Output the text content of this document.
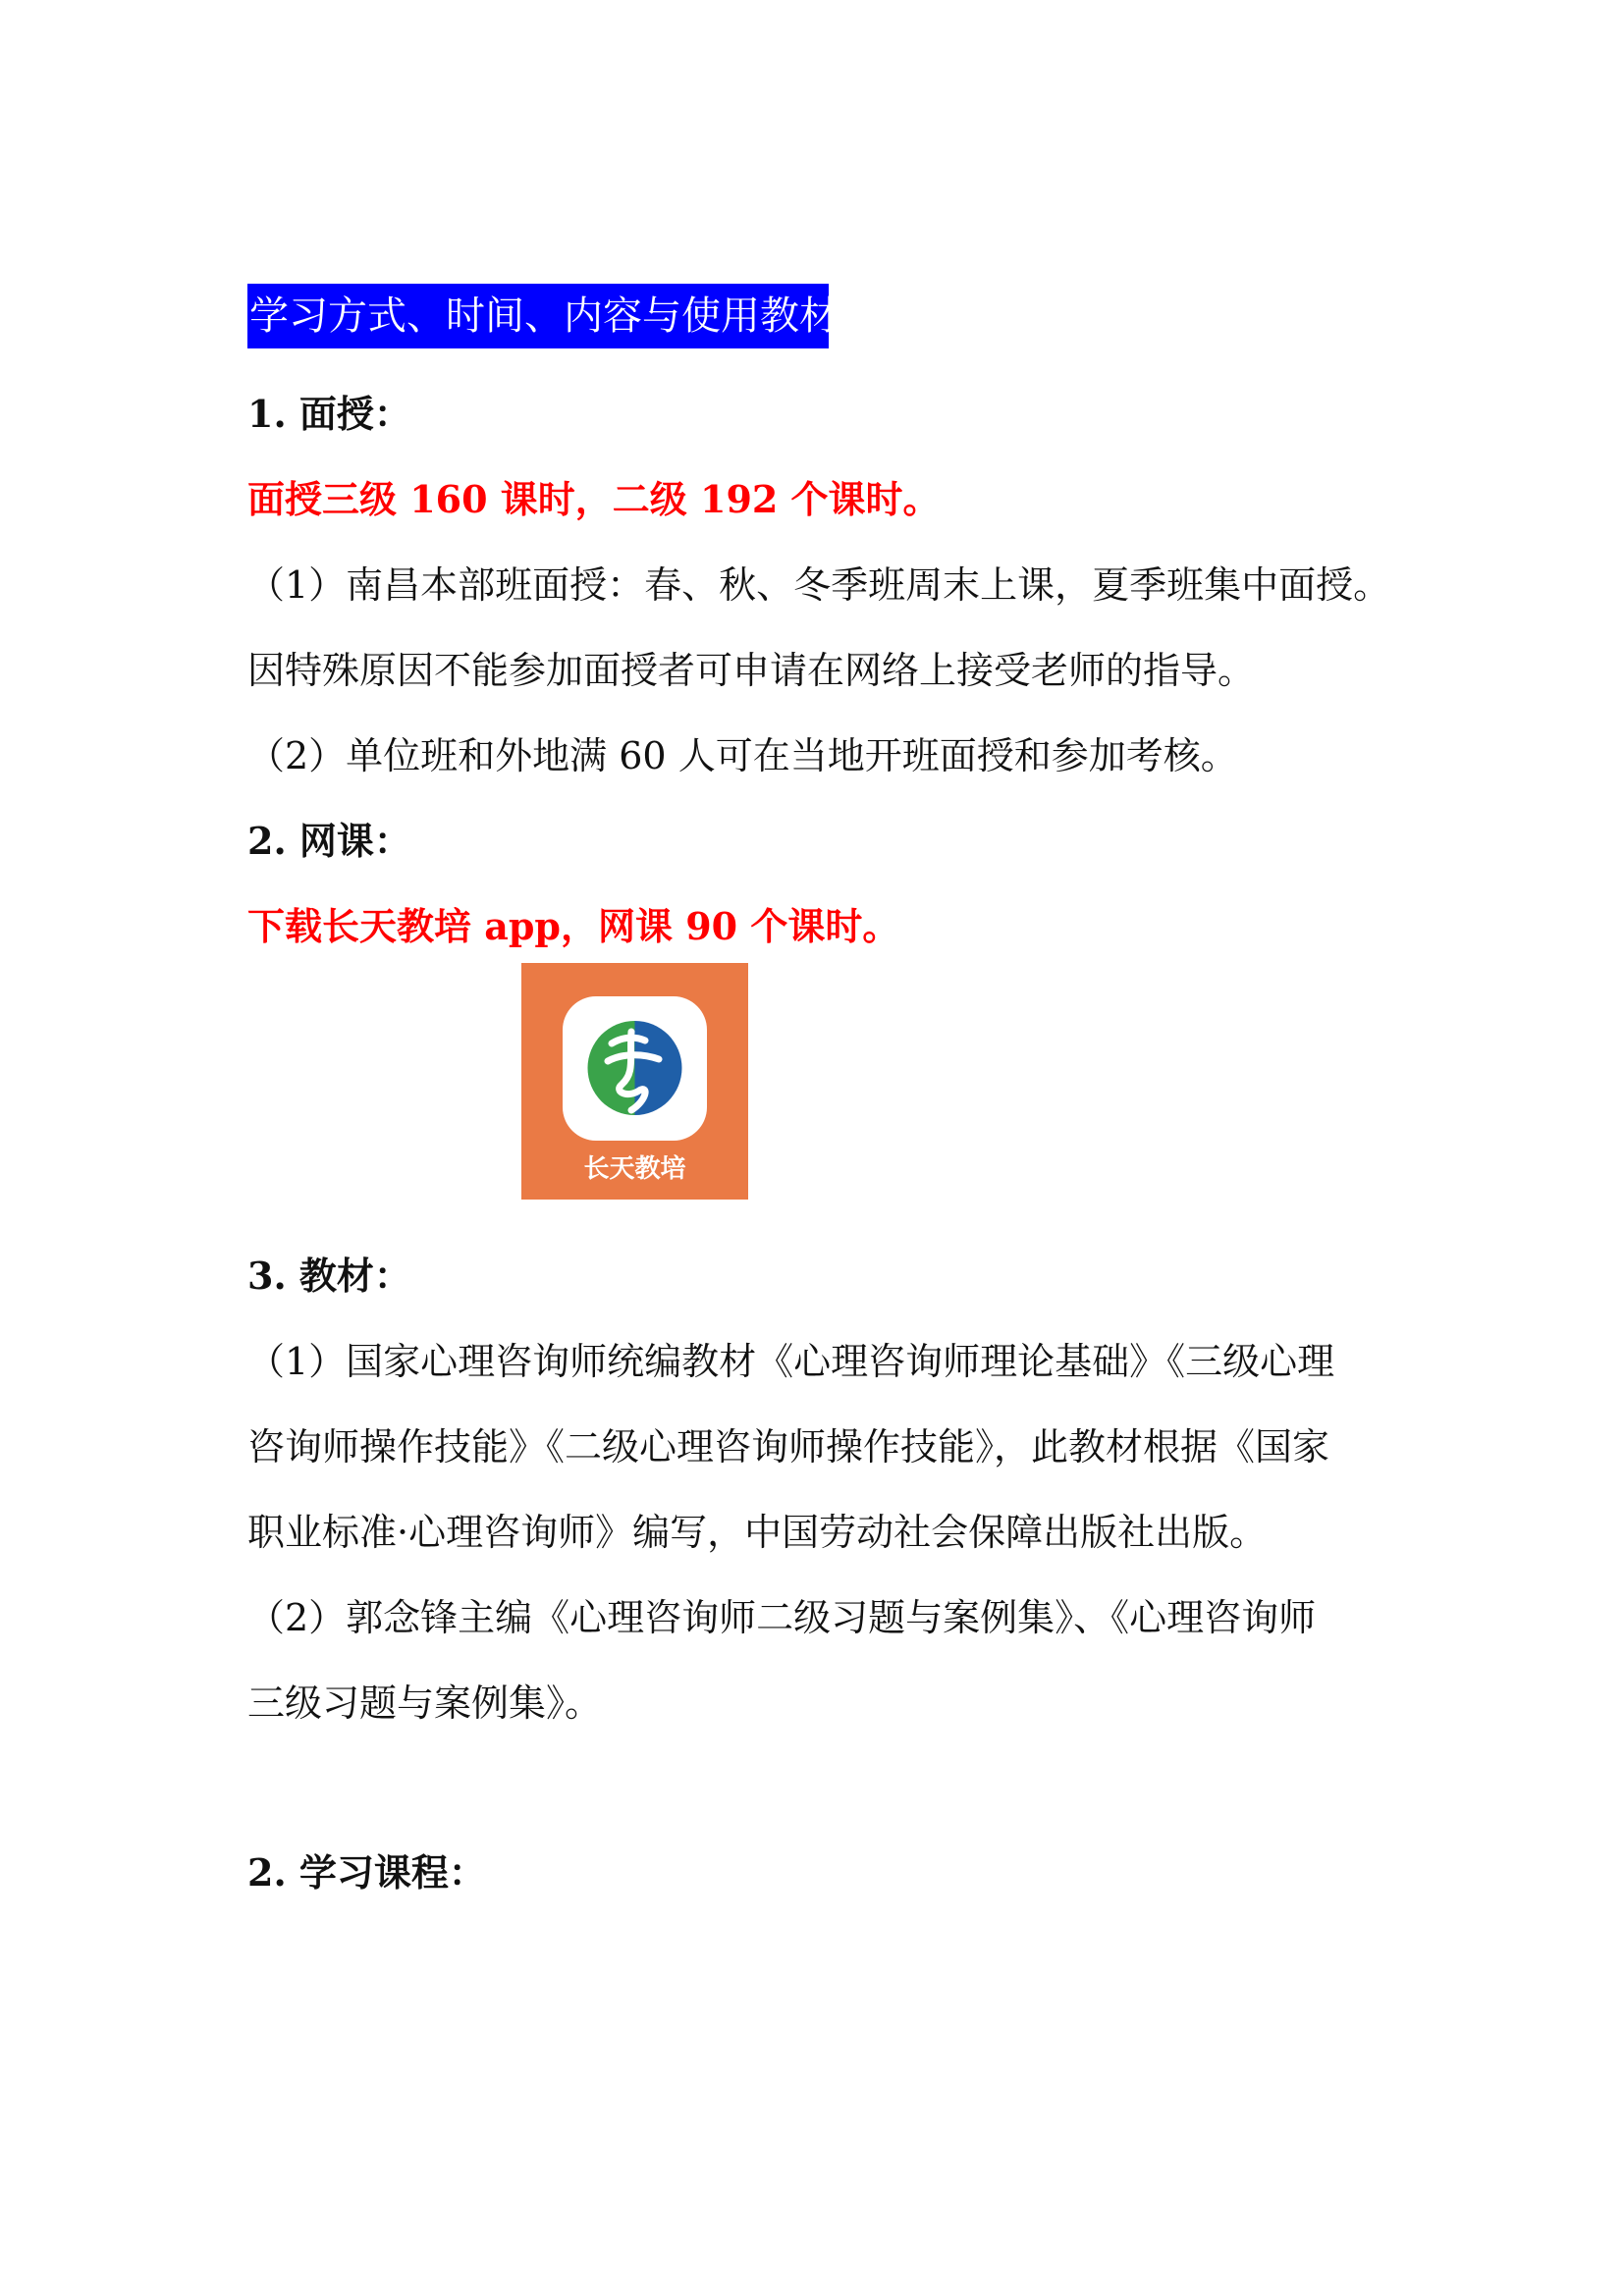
学习方式、时间、内容与使用教材
1. 面授：
面授三级 160 课时，二级 192 个课时。
（1）南昌本部班面授：春、秋、冬季班周末上课，夏季班集中面授。
因特殊原因不能参加面授者可申请在网络上接受老师的指导。
（2）单位班和外地满 60 人可在当地开班面授和参加考核。
2. 网课：
下载长天教培 app，网课 90 个课时。
长天教培
3. 教材：
（1）国家心理咨询师统编教材《心理咨询师理论基础》《三级心理
咨询师操作技能》《二级心理咨询师操作技能》，此教材根据《国家
职业标准·心理咨询师》编写，中国劳动社会保障出版社出版。
（2）郭念锋主编《心理咨询师二级习题与案例集》、《心理咨询师
三级习题与案例集》。
2. 学习课程：
